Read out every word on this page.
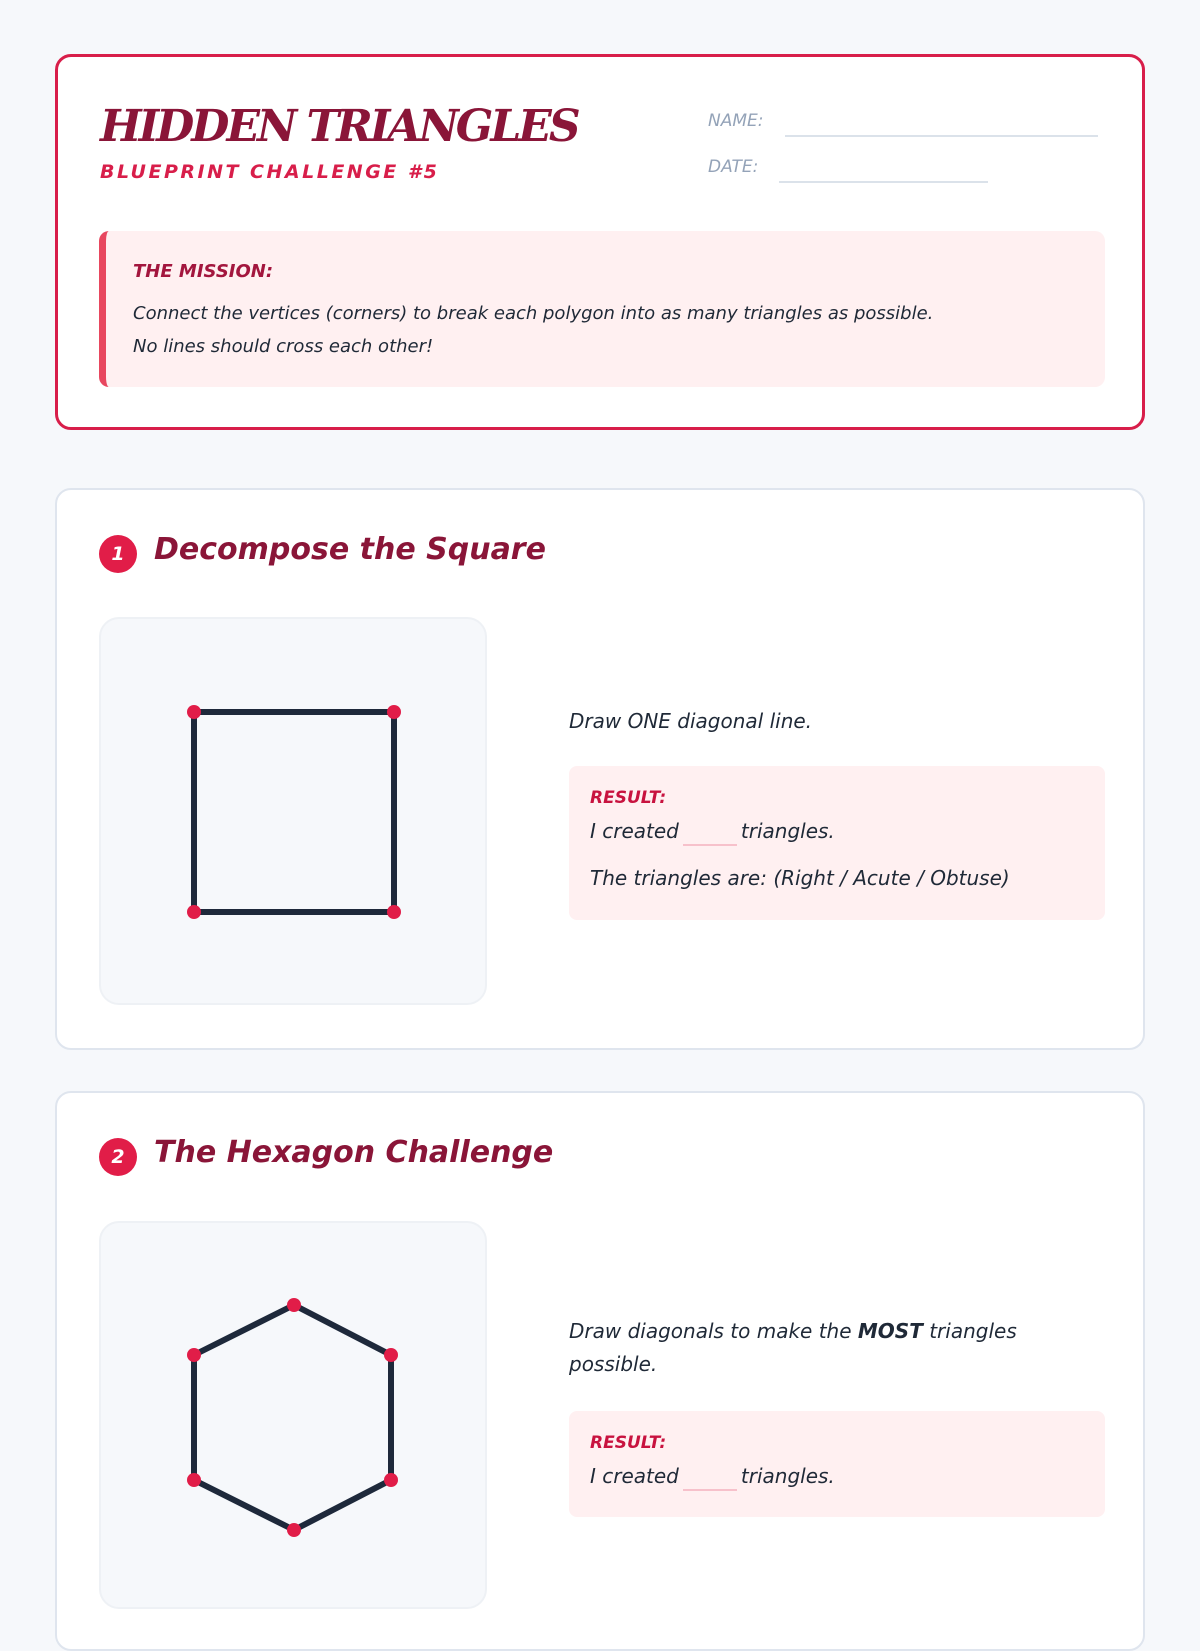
HIDDEN TRIANGLES
BLUEPRINT CHALLENGE #5
NAME:
DATE:
THE MISSION:
Connect the vertices (corners) to break each polygon into as many triangles as possible.
No lines should cross each other!
1 Decompose the Square
Draw ONE diagonal line.
RESULT:
I created	triangles.
The triangles are: (Right / Acute / Obtuse)
2 The Hexagon Challenge
Draw diagonals to make the MOST triangles possible.
RESULT:
I created	triangles.
